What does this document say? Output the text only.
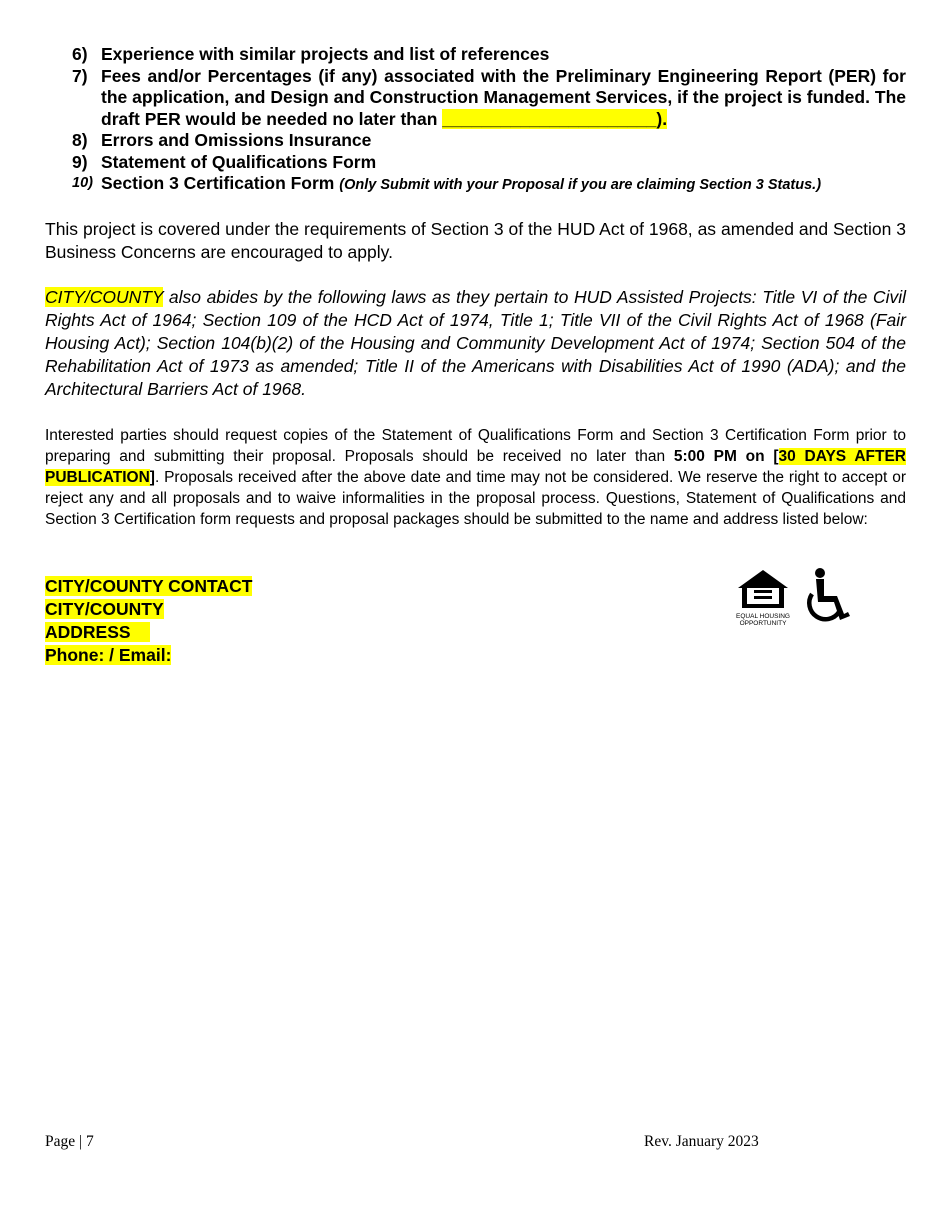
6) Experience with similar projects and list of references
7) Fees and/or Percentages (if any) associated with the Preliminary Engineering Report (PER) for the application, and Design and Construction Management Services, if the project is funded. The draft PER would be needed no later than ______________________).
8) Errors and Omissions Insurance
9) Statement of Qualifications Form
10) Section 3 Certification Form (Only Submit with your Proposal if you are claiming Section 3 Status.)
This project is covered under the requirements of Section 3 of the HUD Act of 1968, as amended and Section 3 Business Concerns are encouraged to apply.
CITY/COUNTY also abides by the following laws as they pertain to HUD Assisted Projects: Title VI of the Civil Rights Act of 1964; Section 109 of the HCD Act of 1974, Title 1; Title VII of the Civil Rights Act of 1968 (Fair Housing Act); Section 104(b)(2) of the Housing and Community Development Act of 1974; Section 504 of the Rehabilitation Act of 1973 as amended; Title II of the Americans with Disabilities Act of 1990 (ADA); and the Architectural Barriers Act of 1968.
Interested parties should request copies of the Statement of Qualifications Form and Section 3 Certification Form prior to preparing and submitting their proposal. Proposals should be received no later than 5:00 PM on [30 DAYS AFTER PUBLICATION]. Proposals received after the above date and time may not be considered. We reserve the right to accept or reject any and all proposals and to waive informalities in the proposal process. Questions, Statement of Qualifications and Section 3 Certification form requests and proposal packages should be submitted to the name and address listed below:
CITY/COUNTY CONTACT
CITY/COUNTY
ADDRESS
Phone: / Email:
EQUAL HOUSING
OPPORTUNITY
Page | 7	Rev. January 2023
